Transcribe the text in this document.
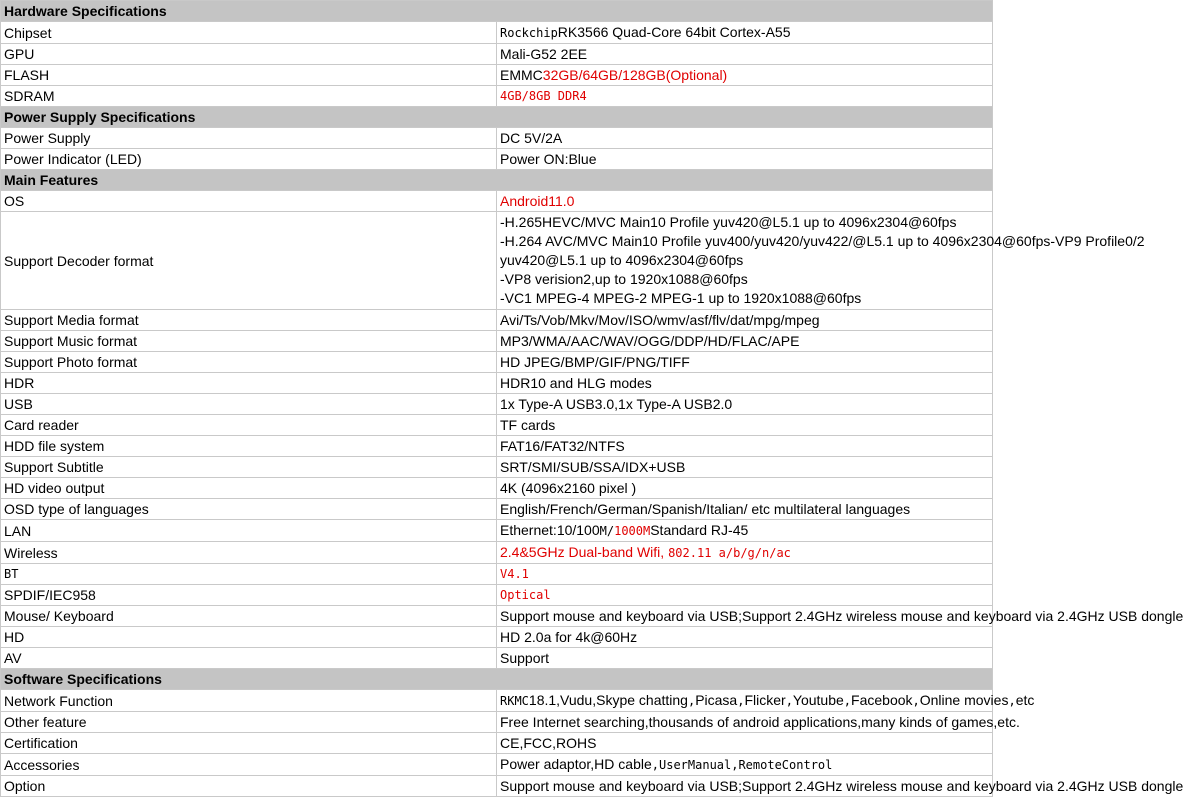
Hardware Specifications	
Chipset	RockchipRK3566 Quad-Core 64bit Cortex-A55
GPU	Mali-G52 2EE
FLASH	EMMC32GB/64GB/128GB(Optional)
SDRAM	4GB/8GB DDR4
Power Supply Specifications	
Power Supply	DC 5V/2A
Power Indicator (LED)	Power ON:Blue
Main Features	
OS	Android11.0
Support Decoder format	-H.265HEVC/MVC Main10 Profile yuv420@L5.1 up to 4096x2304@60fps
-H.264 AVC/MVC Main10 Profile yuv400/yuv420/yuv422/@L5.1 up to 4096x2304@60fps-VP9 Profile0/2
yuv420@L5.1 up to 4096x2304@60fps
-VP8 verision2,up to 1920x1088@60fps
-VC1 MPEG-4 MPEG-2 MPEG-1 up to 1920x1088@60fps

Support Media format	Avi/Ts/Vob/Mkv/Mov/ISO/wmv/asf/flv/dat/mpg/mpeg
Support Music format	MP3/WMA/AAC/WAV/OGG/DDP/HD/FLAC/APE
Support Photo format	HD JPEG/BMP/GIF/PNG/TIFF
HDR	HDR10 and HLG modes
USB	1x Type-A USB3.0,1x Type-A USB2.0
Card reader	TF cards
HDD file system	FAT16/FAT32/NTFS
Support Subtitle	SRT/SMI/SUB/SSA/IDX+USB
HD video output	4K (4096x2160 pixel )
OSD type of languages	English/French/German/Spanish/Italian/ etc multilateral languages
LAN	Ethernet:10/100M/1000MStandard RJ-45
Wireless	2.4&5GHz Dual-band Wifi, 802.11 a/b/g/n/ac
BT	V4.1
SPDIF/IEC958	Optical
Mouse/ Keyboard	Support mouse and keyboard via USB;Support 2.4GHz wireless mouse and keyboard via 2.4GHz USB dongle
HD	HD 2.0a for 4k@60Hz
AV	Support
Software Specifications	
Network Function	RKMC18.1,Vudu,Skype chatting,Picasa,Flicker,Youtube,Facebook,Online movies,etc
Other feature	Free Internet searching,thousands of android applications,many kinds of games,etc.
Certification	CE,FCC,ROHS
Accessories	Power adaptor,HD cable,UserManual,RemoteControl
Option	Support mouse and keyboard via USB;Support 2.4GHz wireless mouse and keyboard via 2.4GHz USB dongle
